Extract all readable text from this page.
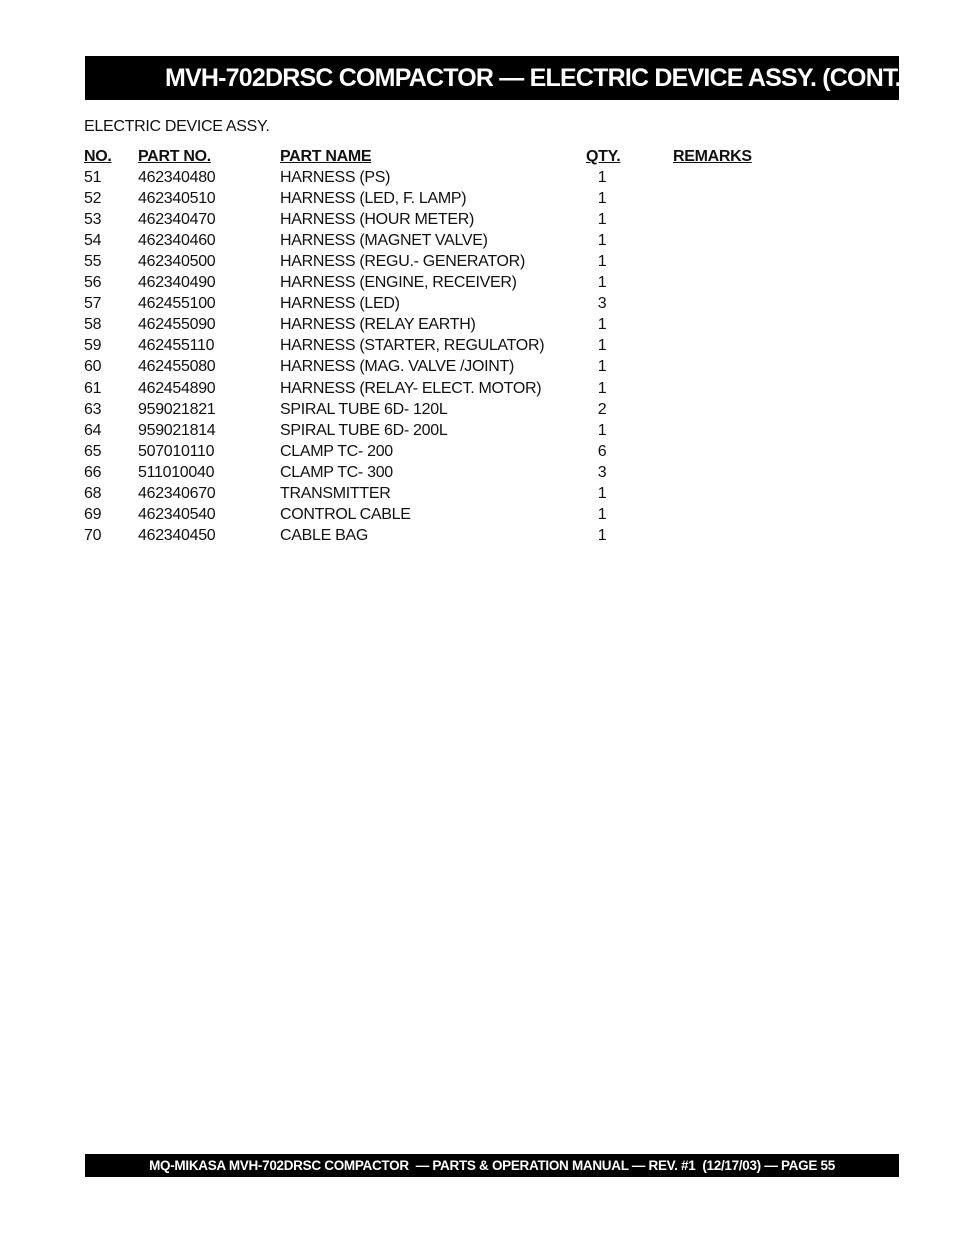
MVH-702DRSC COMPACTOR — ELECTRIC DEVICE ASSY. (CONT.)
ELECTRIC DEVICE ASSY.
NO. PART NO.	PART NAME	QTY.	REMARKS
51 462340480	HARNESS (PS)	1
52 462340510	HARNESS (LED, F. LAMP)	1
53 462340470	HARNESS (HOUR METER)	1
54 462340460	HARNESS (MAGNET VALVE)	1
55 462340500	HARNESS (REGU.- GENERATOR)	1
56 462340490	HARNESS (ENGINE, RECEIVER)	1
57 462455100	HARNESS (LED)	3
58 462455090	HARNESS (RELAY EARTH)	1
59 462455110	HARNESS (STARTER, REGULATOR)	1
60 462455080	HARNESS (MAG. VALVE /JOINT)	1
61 462454890	HARNESS (RELAY- ELECT. MOTOR)	1
63 959021821	SPIRAL TUBE 6D- 120L	2
64 959021814	SPIRAL TUBE 6D- 200L	1
65 507010110	CLAMP TC- 200	6
66 511010040	CLAMP TC- 300	3
68 462340670	TRANSMITTER	1
69 462340540	CONTROL CABLE	1
70 462340450	CABLE BAG	1
MQ-MIKASA MVH-702DRSC COMPACTOR  — PARTS & OPERATION MANUAL — REV. #1  (12/17/03) — PAGE 55
